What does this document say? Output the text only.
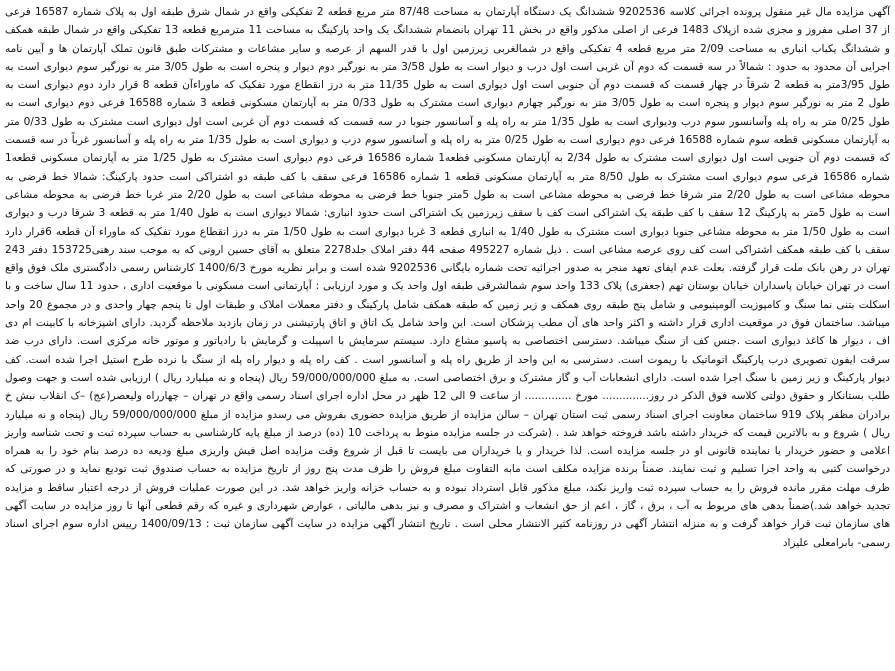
آگهی مزایده مال غیر منقول پرونده اجرائی کلاسه 9202536 ششدانگ یک دستگاه آپارتمان به مساحت 87/48 متر مربع قطعه 2 تفکیکی واقع در شمال شرق طبقه اول به پلاک شماره 16587 فرعی از 37 اصلی مفروز و مجزی شده ازپلاک 1483 فرعی از اصلی مذکور واقع در بخش 11 تهران بانضمام ششدانگ یک واحد پارکینگ به مساحت 11 مترمربع قطعه 13 تفکیکی واقع در شمال طبقه همکف و ششدانگ یکباب انباری به مساحت 2/09 متر مربع قطعه 4 تفکیکی واقع در شمالغربی زیرزمین اول با قدر السهم از عرصه و سایر مشاعات و مشترکات طبق قانون تملک آپارتمان ها و آیین نامه اجرایی آن محدود به حدود : شمالاً در سه قسمت که دوم آن غربی است اول درب و دیوار است به طول 3/58 متر به نورگیر دوم دیوار و پنجره است به طول 3/05 متر به نورگیر سوم دیواری است به طول 3/95متر به قطعه 2 شرقاً در چهار قسمت که قسمت دوم آن جنوبی است اول دیواری است به طول 11/35 متر به درز انقطاع مورد تفکیک که ماوراءآن قطعه 8 قرار دارد دوم دیواری است به طول 2 متر به نورگیر سوم دیوار و پنجره است به طول 3/05 متر به نورگیر چهارم دیواری است مشترک به طول 0/33 متر به آپارتمان مسکونی قطعه 3 شماره 16588 فرعی دوم دیواری است به طول 0/25 متر به راه پله وآسانسور سوم درب ودیواری است به طول 1/35 متر به راه پله و آسانسور جنوبا در سه قسمت که قسمت دوم آن غربی است اول دیواری است مشترک به طول 0/33 متر به آپارتمان مسکونی قطعه سوم شماره 16588 فرعی دوم دیواری است به طول 0/25 متر به راه پله و آسانسور سوم درب و دیواری است به طول 1/35 متر به راه پله و آسانسور غرباً در سه قسمت که قسمت دوم آن جنوبی است اول دیواری است مشترک به طول 2/34 به آپارتمان مسکونی قطعه1 شماره 16586 فرعی دوم دیواری است مشترک به طول 1/25 متر به آپارتمان مسکونی قطعه1 شماره 16586 فرعی سوم دیواری است مشترک به طول 8/50 متر به آپارتمان مسکونی قطعه 1 شماره 16586 فرعی سقف با کف طبقه دو اشتراکی است حدود پارکینگ: شمالا خط فرضی به محوطه مشاعی است به طول 2/20 متر شرقا خط فرضی به محوطه مشاعی است به طول 5متر جنوبا خط فرضی به محوطه مشاعی است به طول 2/20 متر غربا خط فرضی به محوطه مشاعی است به طول 5متر به پارکینگ 12 سقف با کف طبقه یک اشتراکی است کف با سقف زیرزمین یک اشتراکی است حدود انباری: شمالا دیواری است به طول 1/40 متر به قطعه 3 شرقا درب و دیواری است به طول 1/50 متر به محوطه مشاعی جنوبا دیواری است مشترک به طول 1/40 به انباری قطعه 3 غربا دیواری است به طول 1/50 متر به درز انقطاع مورد تفکیک که ماوراء آن قطعه 6قرار دارد سقف با کف طبقه همکف اشتراکی است کف روی عرصه مشاعی است . ذیل شماره 495227 صفحه 44 دفتر املاک جلد2278 متعلق به آقای حسین ارونی که به موجب سند رهنی153725 دفتر 243 تهران در رهن بانک ملت قرار گرفته. بعلت عدم ایفای تعهد منجر به صدور اجرائیه تحت شماره بایگانی 9202536 شده است و برابر نظریه مورخ 1400/6/3 کارشناس رسمی دادگستری ملک فوق واقع است در تهران خیابان پاسداران خیابان بوستان تهم (جعفری) پلاک 133 واحد سوم شمالشرقی طبقه اول واحد یک و مورد ارزیابی : آپارتمانی است مسکونی با موقعیت اداری ، حدود 11 سال ساخت و با اسکلت بتنی نما سنگ و کامپوزیت آلومینیومی و شامل پنج طبقه روی همکف و زیر زمین که طبقه همکف شامل پارکینگ و دفتر معملات املاک و طبقات اول تا پنجم چهار واحدی و در مجموع 20 واحد میباشد. ساختمان فوق در موقعیت اداری قرار داشته و اکثر واحد های آن مطب پزشکان است. این واحد شامل یک اتاق و اتاق پارتیشنی در زمان بازدید ملاحظه گردید. دارای اشپزخانه با کابینت ام دی اف ، دیوار ها کاغذ دیواری است .جنس کف از سنگ میباشد. دسترسی اختصاصی به پاسیو مشاع دارد. سیستم سرمایش با اسپیلت و گرمایش با رادیاتور و موتور خانه مرکزی است. دارای درب ضد سرقت ایفون تصویری درب پارکینگ اتوماتیک با ریموت است. دسترسی به این واحد از طریق راه پله و آسانسور است . کف راه پله و دیوار راه پله از سنگ با نرده طرح استیل اجرا شده است. کف دیوار پارکینگ و زیر زمین با سنگ اجرا شده است. دارای انشعابات آب و گاز مشترک و برق اختصاصی است. به مبلغ 59/000/000/000 ریال (پنجاه و نه میلیارد ریال ) ارزیابی شده است و جهت وصول طلب بستانکار و حقوق دولتی کلاسه فوق الذکر در روز.............. مورخ .............. از ساعت 9 الی 12 ظهر در محل اداره اجرای اسناد رسمی واقع در تهران – چهارراه ولیعصر(عج) –ک انقلاب نبش خ برادران مظفر پلاک 919 ساختمان معاونت اجرای اسناد رسمی ثبت استان تهران – سالن مزایده از طریق مزایده حضوری بفروش می رسدو مزایده از مبلغ 59/000/000/000 ریال (پنجاه و نه میلیارد ریال ) شروع و به بالاترین قیمت که خریدار داشته باشد فروخته خواهد شد . (شرکت در جلسه مزایده منوط به پرداخت 10 (ده) درصد از مبلغ پایه کارشناسی به حساب سپرده ثبت و تحت شناسه واریز اعلامی و حضور خریدار یا نماینده قانونی او در جلسه مزایده است. لذا خریدار و یا خریداران می بایست تا قبل از شروع وقت مزایده اصل فیش واریزی مبلغ ودیعه ده درصد بنام خود را به همراه درخواست کتبی به واحد اجرا تسلیم و ثبت نمایند. ضمناً برنده مزایده مکلف است مابه التفاوت مبلغ فروش را ظرف مدت پنج روز از تاریخ مزایده به حساب صندوق ثبت تودیع نماید و در صورتی که ظرف مهلت مقرر مانده فروش را به حساب سپرده ثبت واریز نکند، مبلغ مذکور قابل استرداد نبوده و به حساب خزانه واریز خواهد شد. در این صورت عملیات فروش از درجه اعتبار ساقط و مزایده تجدید خواهد شد.)ضمناً بدهی های مربوط به آب ، برق ، گاز ، اعم از حق انشعاب و اشتراک و مصرف و نیز بدهی مالیاتی ، عوارض شهرداری و غیره که رقم قطعی آنها تا روز مزایده در سایت آگهی های سازمان ثبت قرار خواهد گرفت و به منزله انتشار آگهی در روزنامه کثیر الانتشار محلی است . تاریخ انتشار آگهی مزایده در سایت آگهی سازمان ثبت : 1400/09/13 رییس اداره سوم اجرای اسناد رسمی- بابرامعلی علیزاد
